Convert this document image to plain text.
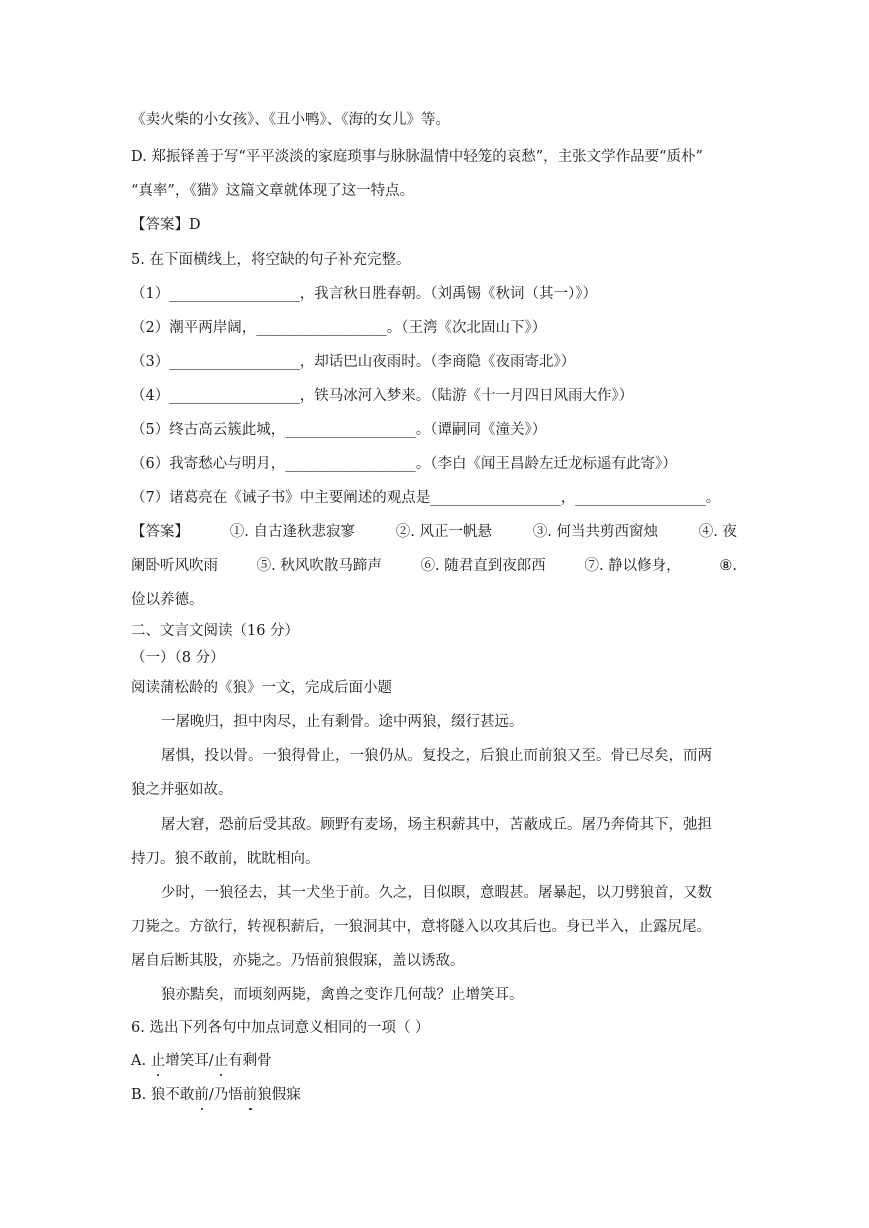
《卖火柴的小女孩》、《丑小鸭》、《海的女儿》等。
D. 郑振铎善于写“平平淡淡的家庭琐事与脉脉温情中轻笼的哀愁”，主张文学作品要“质朴”
“真率”，《猫》这篇文章就体现了这一特点。
【答案】D
5. 在下面横线上，将空缺的句子补充完整。
（1）__________________，我言秋日胜春朝。（刘禹锡《秋词（其一）》）
（2）潮平两岸阔，__________________。（王湾《次北固山下》）
（3）__________________，却话巴山夜雨时。（李商隐《夜雨寄北》）
（4）__________________，铁马冰河入梦来。（陆游《十一月四日风雨大作》）
（5）终古高云簇此城，__________________。（谭嗣同《潼关》）
（6）我寄愁心与明月，__________________。（李白《闻王昌龄左迁龙标遥有此寄》）
（7）诸葛亮在《诫子书》中主要阐述的观点是__________________，__________________。
【答案】	①. 自古逢秋悲寂寥	②. 风正一帆悬	③. 何当共剪西窗烛	④. 夜
阑卧听风吹雨	⑤. 秋风吹散马蹄声	⑥. 随君直到夜郎西	⑦. 静以修身，	⑧.
俭以养德。
二、文言文阅读（16 分）
（一）（8 分）
阅读蒲松龄的《狼》一文，完成后面小题
一屠晚归，担中肉尽，止有剩骨。途中两狼，缀行甚远。
屠惧，投以骨。一狼得骨止，一狼仍从。复投之，后狼止而前狼又至。骨已尽矣，而两
狼之并驱如故。
屠大窘，恐前后受其敌。顾野有麦场，场主积薪其中，苫蔽成丘。屠乃奔倚其下，弛担
持刀。狼不敢前，眈眈相向。
少时，一狼径去，其一犬坐于前。久之，目似瞑，意暇甚。屠暴起，以刀劈狼首，又数
刀毙之。方欲行，转视积薪后，一狼洞其中，意将隧入以攻其后也。身已半入，止露尻尾。
屠自后断其股，亦毙之。乃悟前狼假寐，盖以诱敌。
狼亦黠矣，而顷刻两毙，禽兽之变诈几何哉？止增笑耳。
6. 选出下列各句中加点词意义相同的一项（ ）
A. 止增笑耳/止有剩骨
B. 狼不敢前/乃悟前狼假寐
